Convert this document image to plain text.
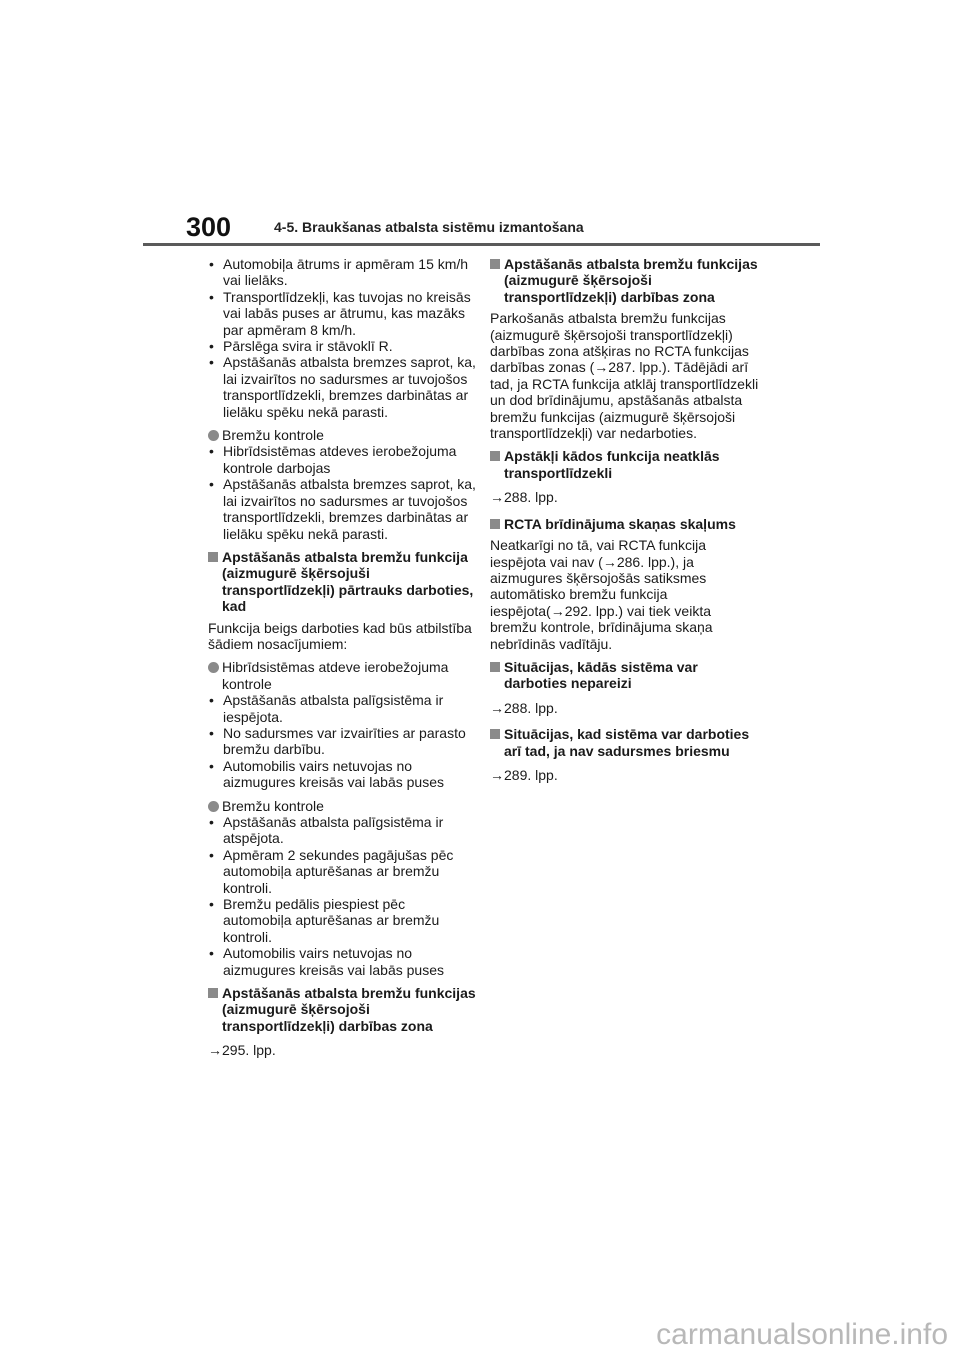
300	4-5. Braukšanas atbalsta sistēmu izmantošana
• Automobiļa ātrums ir apmēram 15 km/h vai lielāks.
• Transportlīdzekļi, kas tuvojas no kreisās vai labās puses ar ātrumu, kas mazāks par apmēram 8 km/h.
• Pārslēga svira ir stāvoklī R.
• Apstāšanās atbalsta bremzes saprot, ka, lai izvairītos no sadursmes ar tuvojošos transportlīdzekli, bremzes darbinātas ar lielāku spēku nekā parasti.
Bremžu kontrole
• Hibrīdsistēmas atdeves ierobežojuma kontrole darbojas
• Apstāšanās atbalsta bremzes saprot, ka, lai izvairītos no sadursmes ar tuvojošos transportlīdzekli, bremzes darbinātas ar lielāku spēku nekā parasti.
Apstāšanās atbalsta bremžu funkcija (aizmugurē šķērsojuši transportlīdzekļi) pārtrauks darboties, kad
Funkcija beigs darboties kad būs atbilstība šādiem nosacījumiem:
Hibrīdsistēmas atdeve ierobežojuma kontrole
• Apstāšanās atbalsta palīgsistēma ir iespējota.
• No sadursmes var izvairīties ar parasto bremžu darbību.
• Automobilis vairs netuvojas no aizmugures kreisās vai labās puses
Bremžu kontrole
• Apstāšanās atbalsta palīgsistēma ir atspējota.
• Apmēram 2 sekundes pagājušas pēc automobiļa apturēšanas ar bremžu kontroli.
• Bremžu pedālis piespiest pēc automobiļa apturēšanas ar bremžu kontroli.
• Automobilis vairs netuvojas no aizmugures kreisās vai labās puses
Apstāšanās atbalsta bremžu funkcijas (aizmugurē šķērsojoši transportlīdzekļi) darbības zona
→295. lpp.
Apstāšanās atbalsta bremžu funkcijas (aizmugurē šķērsojoši transportlīdzekļi) darbības zona
Parkošanās atbalsta bremžu funkcijas (aizmugurē šķērsojoši transportlīdzekļi) darbības zona atšķiras no RCTA funkcijas darbības zonas (→287. lpp.). Tādējādi arī tad, ja RCTA funkcija atklāj transportlīdzekli un dod brīdinājumu, apstāšanās atbalsta bremžu funkcijas (aizmugurē šķērsojoši transportlīdzekļi) var nedarboties.
Apstākļi kādos funkcija neatklās transportlīdzekli
→288. lpp.
RCTA brīdinājuma skaņas skaļums
Neatkarīgi no tā, vai RCTA funkcija iespējota vai nav (→286. lpp.), ja aizmugures šķērsojošās satiksmes automātisko bremžu funkcija iespējota(→292. lpp.) vai tiek veikta bremžu kontrole, brīdinājuma skaņa nebrīdinās vadītāju.
Situācijas, kādās sistēma var darboties nepareizi
→288. lpp.
Situācijas, kad sistēma var darboties arī tad, ja nav sadursmes briesmu
→289. lpp.
carmanualsonline.info
